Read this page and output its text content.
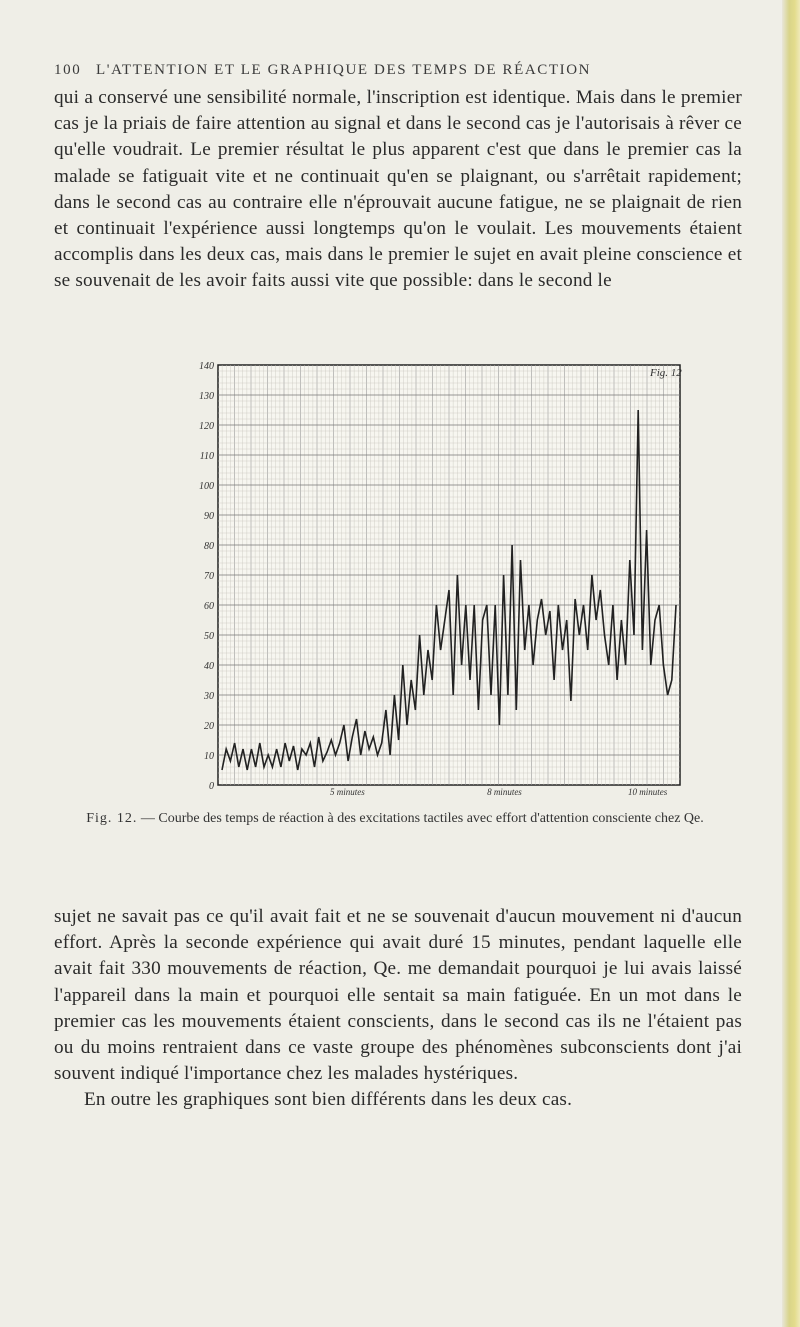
100 L'ATTENTION ET LE GRAPHIQUE DES TEMPS DE RÉACTION

qui a conservé une sensibilité normale, l'inscription est identique. Mais dans le premier cas je la priais de faire attention au signal et dans le second cas je l'autorisais à rêver ce qu'elle voudrait. Le premier résultat le plus apparent c'est que dans le premier cas la malade se fatiguait vite et ne continuait qu'en se plaignant, ou s'arrêtait rapidement; dans le second cas au contraire elle n'éprouvait aucune fatigue, ne se plaignait de rien et continuait l'expérience aussi longtemps qu'on le voulait. Les mouvements étaient accomplis dans les deux cas, mais dans le premier le sujet en avait pleine conscience et se souvenait de les avoir faits aussi vite que possible: dans le second le

0
10
20
30
40
50
60
70
80
90
100
110
120
130
140
5 minutes	8 minutes	10 minutes
Fig. 12
Fig. 12. — Courbe des temps de réaction à des excitations tactiles avec effort d'attention consciente chez Qe.

sujet ne savait pas ce qu'il avait fait et ne se souvenait d'aucun mouvement ni d'aucun effort. Après la seconde expérience qui avait duré 15 minutes, pendant laquelle elle avait fait 330 mouvements de réaction, Qe. me demandait pourquoi je lui avais laissé l'appareil dans la main et pourquoi elle sentait sa main fatiguée. En un mot dans le premier cas les mouvements étaient conscients, dans le second cas ils ne l'étaient pas ou du moins rentraient dans ce vaste groupe des phénomènes subconscients dont j'ai souvent indiqué l'importance chez les malades hystériques.

En outre les graphiques sont bien différents dans les deux cas.
